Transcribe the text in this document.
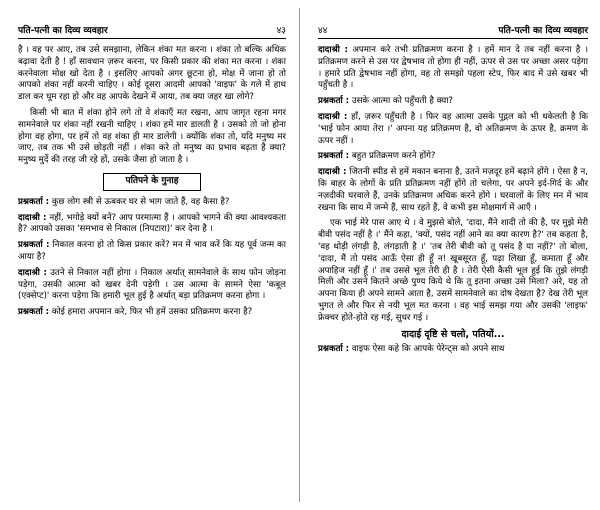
पति-पत्नी का दिव्य व्यवहार	४३

है । वह पर आए, तब उसे समझाना, लेकिन शंका मत करना । शंका तो बल्कि अधिक बढ़ावा देती है ! हाँ सावधान ज़रूर करना, पर किसी प्रकार की शंका मत करना । शंका करनेवाला मोक्ष खो देता है । इसलिए आपको अगर छूटना हो, मोक्ष में जाना हो तो आपको शंका नहीं करनी चाहिए । कोई दूसरा आदमी आपको 'वाइफ' के गले में हाथ डाल कर घूम रहा हो और वह आपके देखने में आया, तब क्या जहर खा लोगे?

किसी भी बात में शंका होने लगे तो वे शंकाएँ मत रखना, आप जागृत रहना मगर सामनेवाले पर शंका नहीं रखनी चाहिए । शंका हमें मार डालती है । उसको तो जो होना होगा वह होगा, पर हमें तो वह शंका ही मार डालेगी । क्योंकि शंका तो, यदि मनुष्य मर जाए, तब तक भी उसे छोड़ती नहीं । शंका करे तो मनुष्य का प्रभाव बढ़ता है क्या? मनुष्य मुर्दे की तरह जी रहे हों, उसके जैसा हो जाता है ।

पतिपने के गुनाह

प्रश्नकर्ता : कुछ लोग स्त्री से ऊबकर घर से भाग जाते हैं, वह कैसा है?

दादाश्री : नहीं, भगोड़े क्यों बनें? आप परमात्मा हैं । आपको भागने की क्या आवश्यकता है? आपको उसका 'समभाव से निकाल (निपटारा)' कर देना है ।

प्रश्नकर्ता : निकाल करना हो तो किस प्रकार करें? मन में भाव करें कि यह पूर्व जन्म का आया है?

दादाश्री : उतने से निकाल नहीं होगा । निकाल अर्थात् सामनेवाले के साथ फोन जोड़ना पड़ेगा, उसकी आत्मा को खबर देनी पड़ेगी । उस आत्मा के सामने ऐसा 'कबूल (एक्सेप्ट)' करना पड़ेगा कि हमारी भूल हुई है अर्थात् बड़ा प्रतिक्रमण करना होगा ।

प्रश्नकर्ता : कोई हमारा अपमान करे, फिर भी हमें उसका प्रतिक्रमण करना है?

४४	पति-पत्नी का दिव्य व्यवहार

दादाश्री : अपमान करे तभी प्रतिक्रमण करना है । हमें मान दे तब नहीं करना है । प्रतिक्रमण करने से उस पर द्वेषभाव तो होगा ही नहीं, ऊपर से उस पर अच्छा असर पड़ेगा । हमारे प्रति द्वेषभाव नहीं होगा, वह तो समझो पहला स्टेप, फिर बाद में उसे खबर भी पहुँचती है ।

प्रश्नकर्ता : उसके आत्मा को पहुँचती है क्या?

दादाश्री : हाँ, ज़रूर पहुँचती है । फिर वह आत्मा उसके पुद्गल को भी धकेलती है कि 'भाई फोन आया तेरा ।' अपना यह प्रतिक्रमण है, वो अतिक्रमण के ऊपर है, क्रमण के ऊपर नहीं ।

प्रश्नकर्ता : बहुत प्रतिक्रमण करने होंगे?

दादाश्री : जितनी स्पीड से हमें मकान बनाना है, उतने मज़दूर हमें बढ़ाने होंगे । ऐसा है न, कि बाहर के लोगों के प्रति प्रतिक्रमण नहीं होंगे तो चलेगा, पर अपने इर्द-गिर्द के और नज़दीकी घरवाले हैं, उनके प्रतिक्रमण अधिक करने होंगे । घरवालों के लिए मन में भाव रखना कि साथ में जन्मे हैं, साथ रहते हैं, वे कभी इस मोक्षमार्ग में आएँ ।

एक भाई मेरे पास आए थे । वे मुझसे बोले, 'दादा, मैंने शादी तो की है, पर मुझे मेरी बीवी पसंद नहीं है ।' मैंने कहा, 'क्यों, पसंद नहीं आने का क्या कारण है?' तब कहता है, 'वह थोड़ी लंगड़ी है, लंगड़ाती है ।' 'तब तेरी बीवी को तू पसंद है या नहीं?' तो बोला, 'दादा, मैं तो पसंद आऊँ ऐसा ही हूँ न! खूबसूरत हूँ, पढ़ा लिखा हूँ, कमाता हूँ और अपाहिज नहीं हूँ ।' तब उससे भूल तेरी ही है । तेरी ऐसी कैसी भूल हुई कि तुझे लंगड़ी मिली और उसने कितने अच्छे पुण्य किये थे कि तू इतना अच्छा उसे मिला? अरे, यह तो अपना किया ही अपने सामने आता है, उसमें सामनेवाले का दोष देखता है? देख तेरी भूल भुगत ले और फिर से नयी भूल मत करना । वह भाई समझ गया और उसकी 'लाइफ' फ्रेक्चर होते-होते रह गई, सुधर गई ।

दादाई दृष्टि से चलो, पतियों...

प्रश्नकर्ता : वाइफ ऐसा कहे कि आपके पेरेन्ट्स को अपने साथ
